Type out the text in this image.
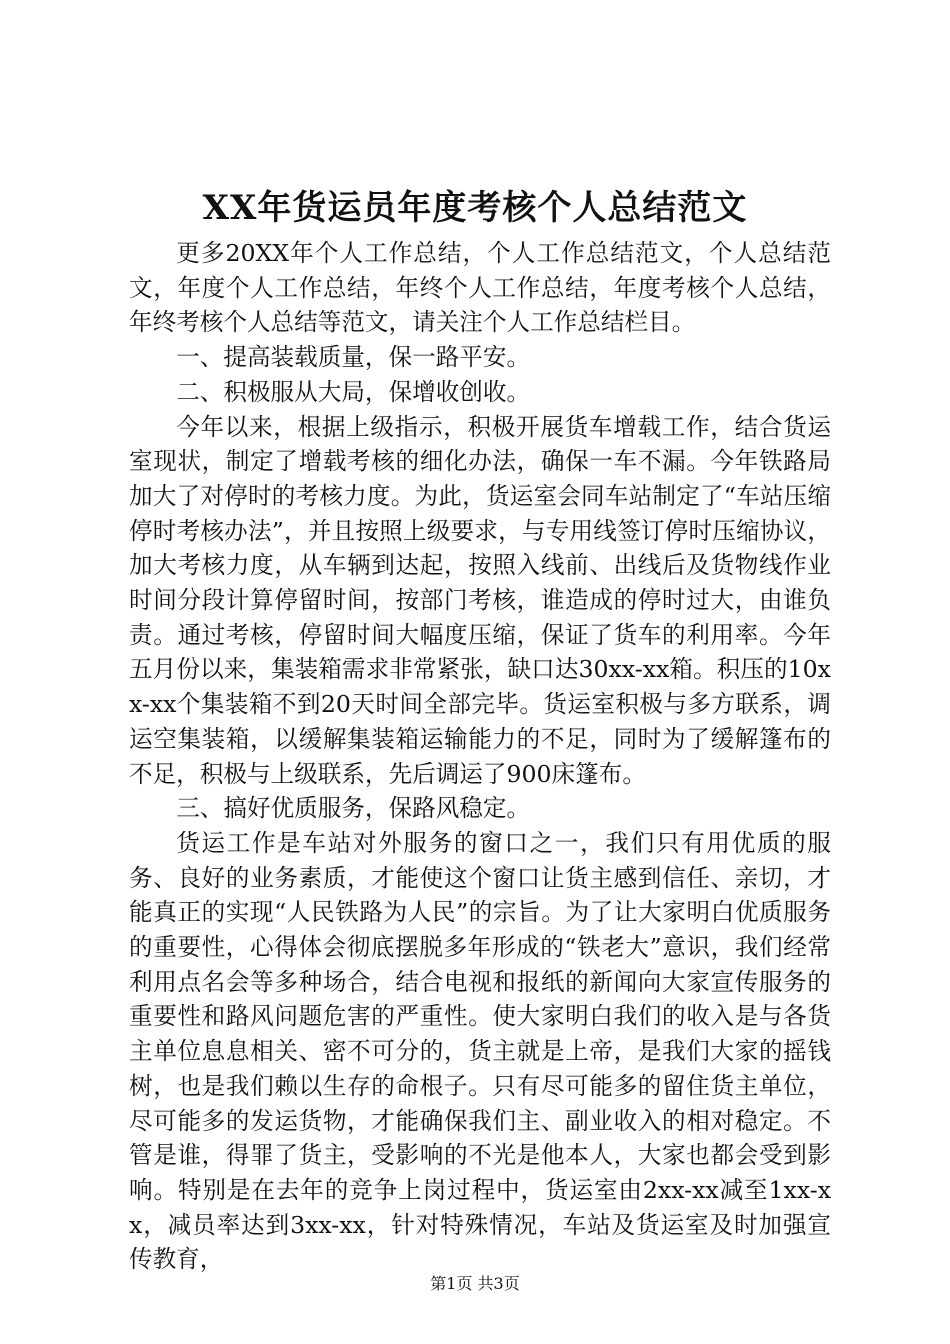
XX年货运员年度考核个人总结范文

更多20XX年个人工作总结，个人工作总结范文，个人总结范文，年度个人工作总结，年终个人工作总结，年度考核个人总结，年终考核个人总结等范文，请关注个人工作总结栏目。

一、提高装载质量，保一路平安。

二、积极服从大局，保增收创收。

今年以来，根据上级指示，积极开展货车增载工作，结合货运室现状，制定了增载考核的细化办法，确保一车不漏。今年铁路局加大了对停时的考核力度。为此，货运室会同车站制定了“车站压缩停时考核办法”，并且按照上级要求，与专用线签订停时压缩协议，加大考核力度，从车辆到达起，按照入线前、出线后及货物线作业时间分段计算停留时间，按部门考核，谁造成的停时过大，由谁负责。通过考核，停留时间大幅度压缩，保证了货车的利用率。今年五月份以来，集装箱需求非常紧张，缺口达30xx-xx箱。积压的10xx-xx个集装箱不到20天时间全部完毕。货运室积极与多方联系，调运空集装箱，以缓解集装箱运输能力的不足，同时为了缓解篷布的不足，积极与上级联系，先后调运了900床篷布。

三、搞好优质服务，保路风稳定。

货运工作是车站对外服务的窗口之一，我们只有用优质的服务、良好的业务素质，才能使这个窗口让货主感到信任、亲切，才能真正的实现“人民铁路为人民”的宗旨。为了让大家明白优质服务的重要性，心得体会彻底摆脱多年形成的“铁老大”意识，我们经常利用点名会等多种场合，结合电视和报纸的新闻向大家宣传服务的重要性和路风问题危害的严重性。使大家明白我们的收入是与各货主单位息息相关、密不可分的，货主就是上帝，是我们大家的摇钱树，也是我们赖以生存的命根子。只有尽可能多的留住货主单位，尽可能多的发运货物，才能确保我们主、副业收入的相对稳定。不管是谁，得罪了货主，受影响的不光是他本人，大家也都会受到影响。特别是在去年的竞争上岗过程中，货运室由2xx-xx减至1xx-xx，减员率达到3xx-xx，针对特殊情况，车站及货运室及时加强宣传教育，

第1页 共3页
